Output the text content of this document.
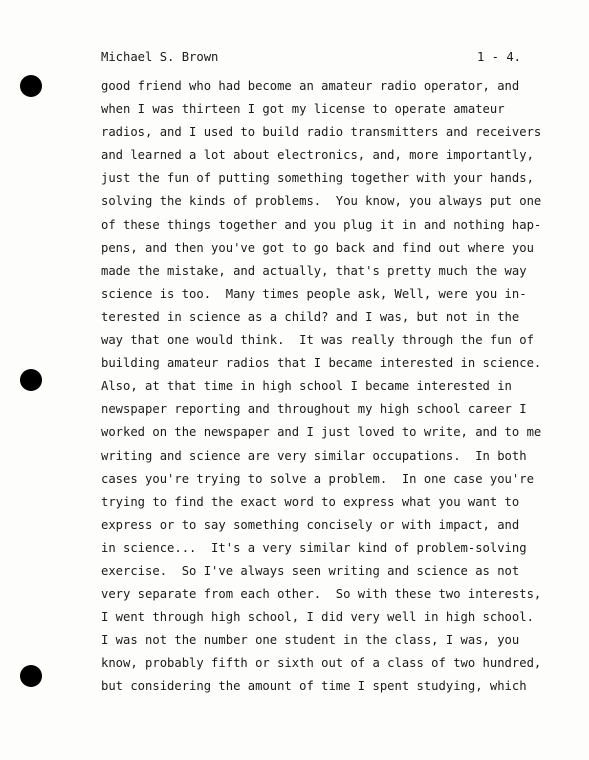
Michael S. Brown	1 - 4.
good friend who had become an amateur radio operator, and
when I was thirteen I got my license to operate amateur
radios, and I used to build radio transmitters and receivers
and learned a lot about electronics, and, more importantly,
just the fun of putting something together with your hands,
solving the kinds of problems.  You know, you always put one
of these things together and you plug it in and nothing hap-
pens, and then you've got to go back and find out where you
made the mistake, and actually, that's pretty much the way
science is too.  Many times people ask, Well, were you in-
terested in science as a child? and I was, but not in the
way that one would think.  It was really through the fun of
building amateur radios that I became interested in science.
Also, at that time in high school I became interested in
newspaper reporting and throughout my high school career I
worked on the newspaper and I just loved to write, and to me
writing and science are very similar occupations.  In both
cases you're trying to solve a problem.  In one case you're
trying to find the exact word to express what you want to
express or to say something concisely or with impact, and
in science...  It's a very similar kind of problem-solving
exercise.  So I've always seen writing and science as not
very separate from each other.  So with these two interests,
I went through high school, I did very well in high school.
I was not the number one student in the class, I was, you
know, probably fifth or sixth out of a class of two hundred,
but considering the amount of time I spent studying, which
